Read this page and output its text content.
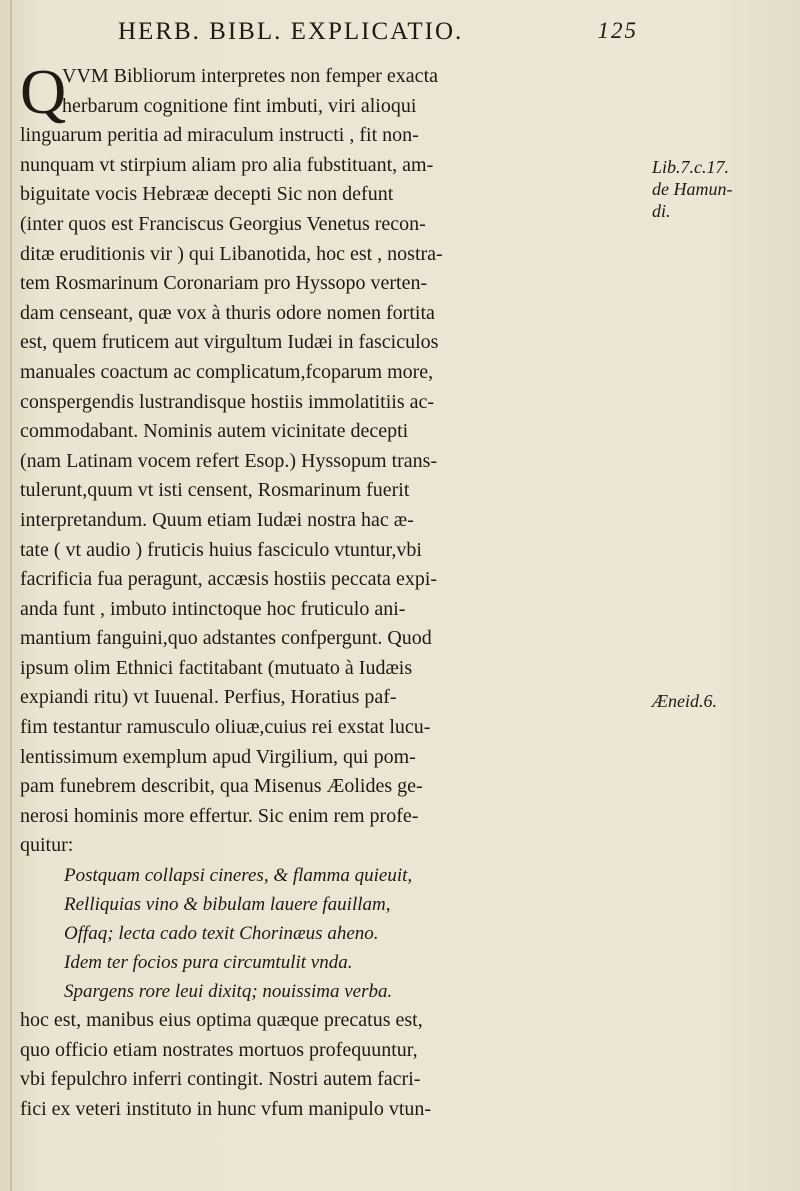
HERB. BIBL. EXPLICATIO.	125
Q
VVM Bibliorum interpretes non femper exacta
herbarum cognitione fint imbuti, viri alioqui
linguarum peritia ad miraculum instructi , fit non-
nunquam vt stirpium aliam pro alia fubstituant, am-
biguitate vocis Hebrææ decepti Sic non defunt
(inter quos est Franciscus Georgius Venetus recon-
ditæ eruditionis vir ) qui Libanotida, hoc est , nostra-
tem Rosmarinum Coronariam pro Hyssopo verten-
dam censeant, quæ vox à thuris odore nomen fortita
est, quem fruticem aut virgultum Iudæi in fasciculos
manuales coactum ac complicatum,fcoparum more,
conspergendis lustrandisque hostiis immolatitiis ac-
commodabant. Nominis autem vicinitate decepti
(nam Latinam vocem refert Esop.) Hyssopum trans-
tulerunt,quum vt isti censent, Rosmarinum fuerit
interpretandum. Quum etiam Iudæi nostra hac æ-
tate ( vt audio ) fruticis huius fasciculo vtuntur,vbi
facrificia fua peragunt, accæsis hostiis peccata expi-
anda funt , imbuto intinctoque hoc fruticulo ani-
mantium fanguini,quo adstantes confpergunt. Quod
ipsum olim Ethnici factitabant (mutuato à Iudæis
expiandi ritu) vt Iuuenal. Perfius, Horatius paf-
fim testantur ramusculo oliuæ,cuius rei exstat lucu-
lentissimum exemplum apud Virgilium, qui pom-
pam funebrem describit, qua Misenus Æolides ge-
nerosi hominis more effertur. Sic enim rem profe-
quitur:
Postquam collapsi cineres, & flamma quieuit,
Relliquias vino & bibulam lauere fauillam,
Offaq; lecta cado texit Chorinæus aheno.
Idem ter focios pura circumtulit vnda.
Spargens rore leui dixitq; nouissima verba.
hoc est, manibus eius optima quæque precatus est,
quo officio etiam nostrates mortuos profequuntur,
vbi fepulchro inferri contingit. Nostri autem facri-
fici ex veteri instituto in hunc vfum manipulo vtun-
Lib.7.c.17.
de Hamun-
di.
Æneid.6.
